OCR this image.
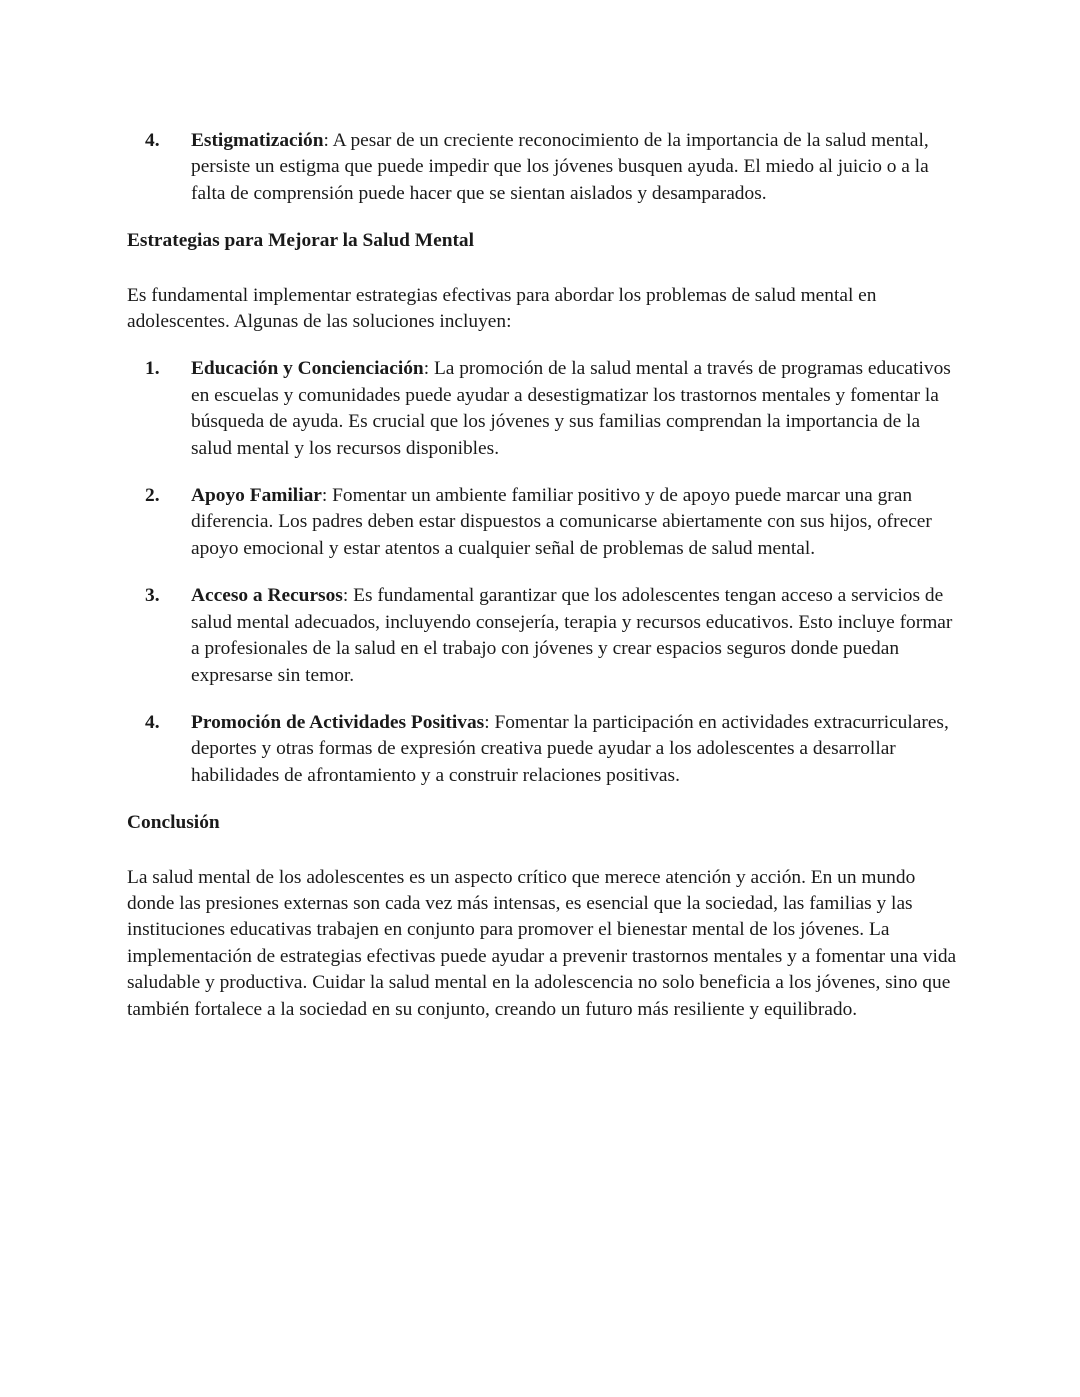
4. Estigmatización: A pesar de un creciente reconocimiento de la importancia de la salud mental, persiste un estigma que puede impedir que los jóvenes busquen ayuda. El miedo al juicio o a la falta de comprensión puede hacer que se sientan aislados y desamparados.
Estrategias para Mejorar la Salud Mental

Es fundamental implementar estrategias efectivas para abordar los problemas de salud mental en adolescentes. Algunas de las soluciones incluyen:

1. Educación y Concienciación: La promoción de la salud mental a través de programas educativos en escuelas y comunidades puede ayudar a desestigmatizar los trastornos mentales y fomentar la búsqueda de ayuda. Es crucial que los jóvenes y sus familias comprendan la importancia de la salud mental y los recursos disponibles.
2. Apoyo Familiar: Fomentar un ambiente familiar positivo y de apoyo puede marcar una gran diferencia. Los padres deben estar dispuestos a comunicarse abiertamente con sus hijos, ofrecer apoyo emocional y estar atentos a cualquier señal de problemas de salud mental.
3. Acceso a Recursos: Es fundamental garantizar que los adolescentes tengan acceso a servicios de salud mental adecuados, incluyendo consejería, terapia y recursos educativos. Esto incluye formar a profesionales de la salud en el trabajo con jóvenes y crear espacios seguros donde puedan expresarse sin temor.
4. Promoción de Actividades Positivas: Fomentar la participación en actividades extracurriculares, deportes y otras formas de expresión creativa puede ayudar a los adolescentes a desarrollar habilidades de afrontamiento y a construir relaciones positivas.
Conclusión

La salud mental de los adolescentes es un aspecto crítico que merece atención y acción. En un mundo donde las presiones externas son cada vez más intensas, es esencial que la sociedad, las familias y las instituciones educativas trabajen en conjunto para promover el bienestar mental de los jóvenes. La implementación de estrategias efectivas puede ayudar a prevenir trastornos mentales y a fomentar una vida saludable y productiva. Cuidar la salud mental en la adolescencia no solo beneficia a los jóvenes, sino que también fortalece a la sociedad en su conjunto, creando un futuro más resiliente y equilibrado.
